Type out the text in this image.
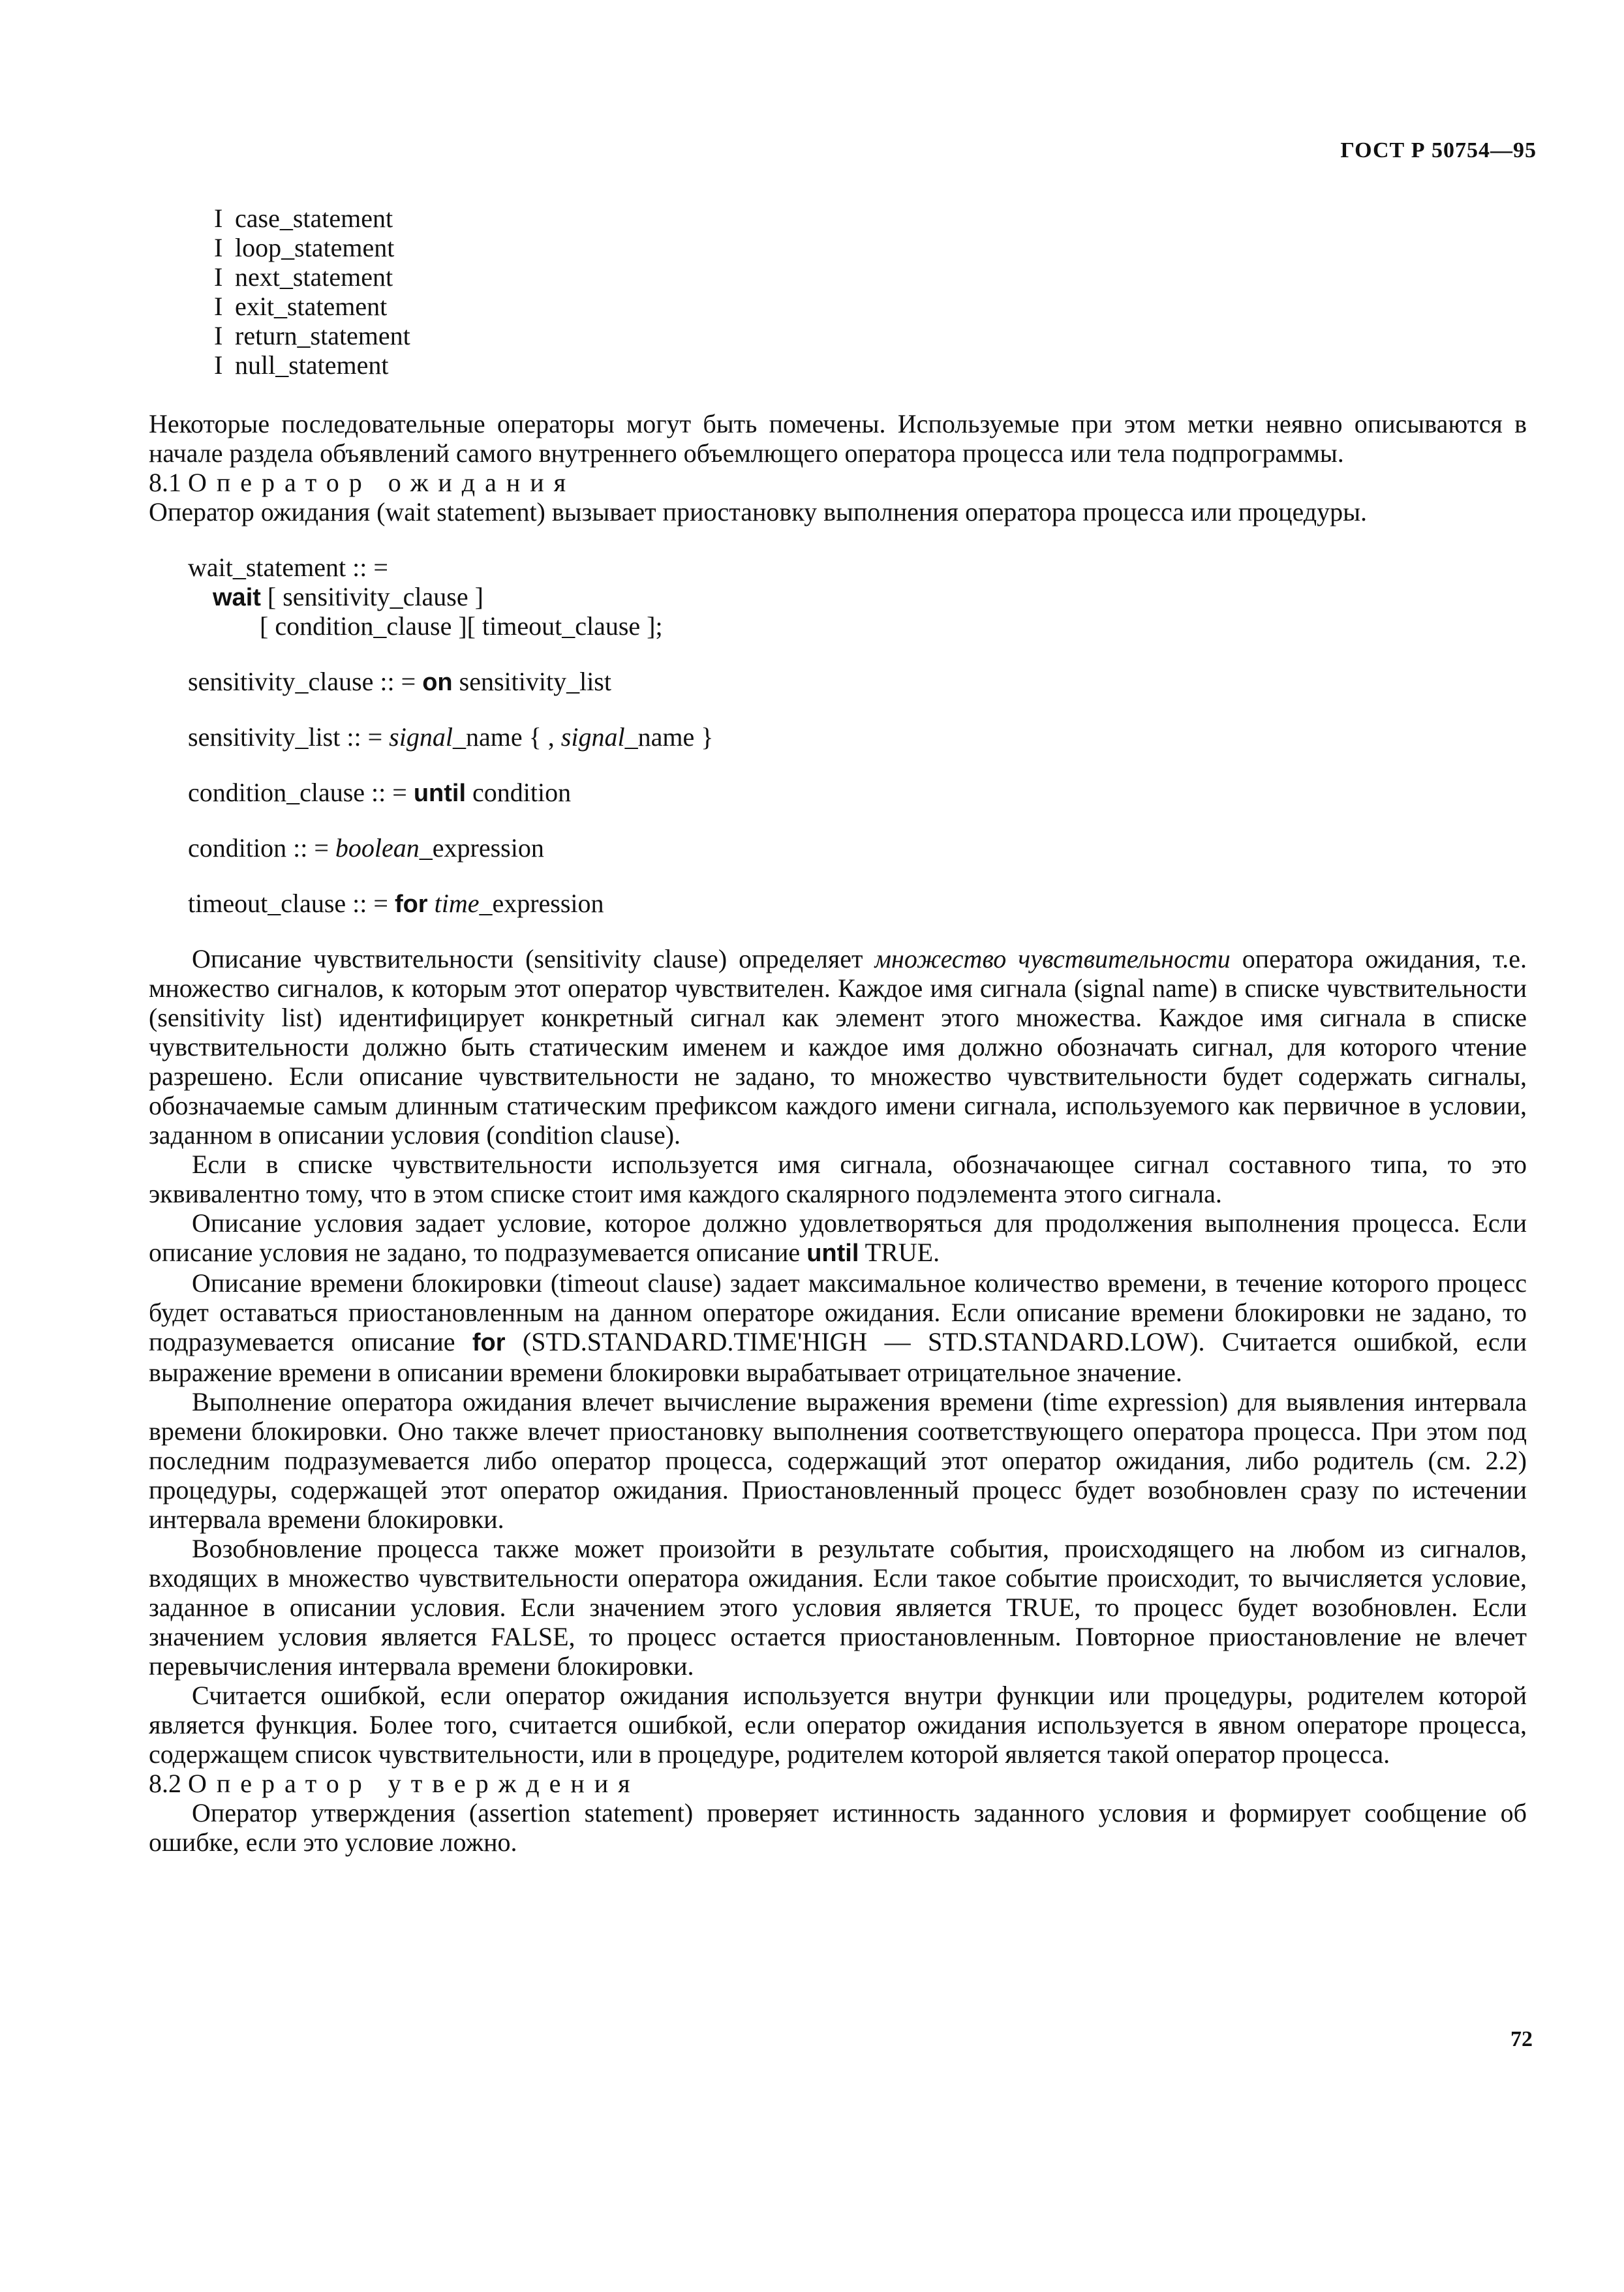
ГОСТ Р 50754—95
I case_statement
I loop_statement
I next_statement
I exit_statement
I return_statement
I null_statement

Некоторые последовательные операторы могут быть помечены. Используемые при этом метки неявно описываются в начале раздела объявлений самого внутреннего объемлющего оператора процесса или тела подпрограммы.

8.1 Оператор ожидания

Оператор ожидания (wait statement) вызывает приостановку выполнения оператора процесса или процедуры.

wait_statement :: =
wait [ sensitivity_clause ]
[ condition_clause ][ timeout_clause ];
sensitivity_clause :: = on sensitivity_list
sensitivity_list :: = signal_name { , signal_name }
condition_clause :: = until condition
condition :: = boolean_expression
timeout_clause :: = for time_expression

Описание чувствительности (sensitivity clause) определяет множество чувствительности оператора ожидания, т.е. множество сигналов, к которым этот оператор чувствителен. Каждое имя сигнала (signal name) в списке чувствительности (sensitivity list) идентифицирует конкретный сигнал как элемент этого множества. Каждое имя сигнала в списке чувствительности должно быть статическим именем и каждое имя должно обозначать сигнал, для которого чтение разрешено. Если описание чувствительности не задано, то множество чувствительности будет содержать сигналы, обозначаемые самым длинным статическим префиксом каждого имени сигнала, используемого как первичное в условии, заданном в описании условия (condition clause).

Если в списке чувствительности используется имя сигнала, обозначающее сигнал составного типа, то это эквивалентно тому, что в этом списке стоит имя каждого скалярного подэлемента этого сигнала.

Описание условия задает условие, которое должно удовлетворяться для продолжения выполнения процесса. Если описание условия не задано, то подразумевается описание until TRUE.

Описание времени блокировки (timeout clause) задает максимальное количество времени, в течение которого процесс будет оставаться приостановленным на данном операторе ожидания. Если описание времени блокировки не задано, то подразумевается описание for (STD.STANDARD.TIME'HIGH — STD.STANDARD.LOW). Считается ошибкой, если выражение времени в описании времени блокировки вырабатывает отрицательное значение.

Выполнение оператора ожидания влечет вычисление выражения времени (time expression) для выявления интервала времени блокировки. Оно также влечет приостановку выполнения соответствующего оператора процесса. При этом под последним подразумевается либо оператор процесса, содержащий этот оператор ожидания, либо родитель (см. 2.2) процедуры, содержащей этот оператор ожидания. Приостановленный процесс будет возобновлен сразу по истечении интервала времени блокировки.

Возобновление процесса также может произойти в результате события, происходящего на любом из сигналов, входящих в множество чувствительности оператора ожидания. Если такое событие происходит, то вычисляется условие, заданное в описании условия. Если значением этого условия является TRUE, то процесс будет возобновлен. Если значением условия является FALSE, то процесс остается приостановленным. Повторное приостановление не влечет перевычисления интервала времени блокировки.

Считается ошибкой, если оператор ожидания используется внутри функции или процедуры, родителем которой является функция. Более того, считается ошибкой, если оператор ожидания используется в явном операторе процесса, содержащем список чувствительности, или в процедуре, родителем которой является такой оператор процесса.

8.2 Оператор утверждения

Оператор утверждения (assertion statement) проверяет истинность заданного условия и формирует сообщение об ошибке, если это условие ложно.

72
